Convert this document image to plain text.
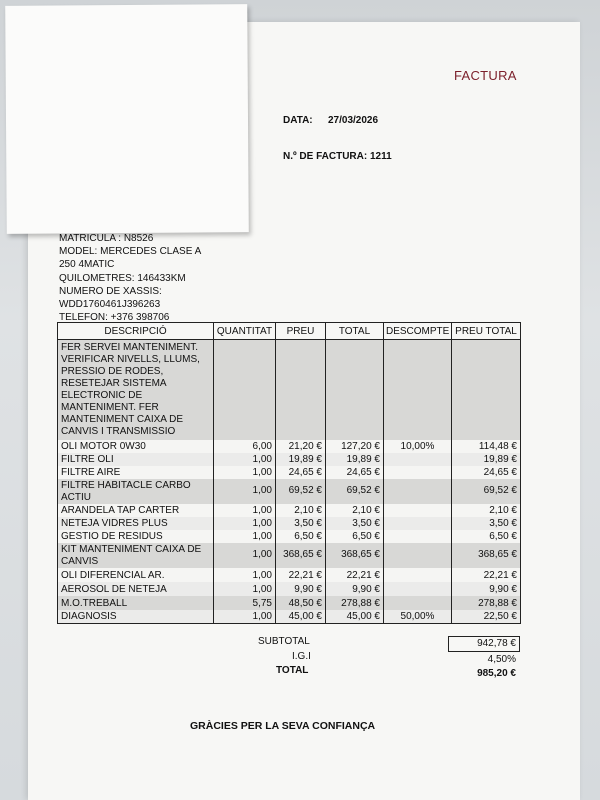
FACTURA
DATA: 27/03/2026
N.º DE FACTURA: 1211
MATRICULA : N8526
MODEL: MERCEDES CLASE A
250 4MATIC
QUILOMETRES: 146433KM
NUMERO DE XASSIS:
WDD1760461J396263
TELEFON: +376 398706
DESCRIPCIÓ	QUANTITAT	PREU	TOTAL	DESCOMPTE	PREU TOTAL
FER SERVEI MANTENIMENT. VERIFICAR NIVELLS, LLUMS, PRESSIO DE RODES, RESETEJAR SISTEMA ELECTRONIC DE MANTENIMENT. FER MANTENIMENT CAIXA DE CANVIS I TRANSMISSIO					
OLI MOTOR 0W30	6,00	21,20 €	127,20 €	10,00%	114,48 €
FILTRE OLI	1,00	19,89 €	19,89 €		19,89 €
FILTRE AIRE	1,00	24,65 €	24,65 €		24,65 €
FILTRE HABITACLE CARBO ACTIU	1,00	69,52 €	69,52 €		69,52 €
ARANDELA TAP CARTER	1,00	2,10 €	2,10 €		2,10 €
NETEJA VIDRES PLUS	1,00	3,50 €	3,50 €		3,50 €
GESTIO DE RESIDUS	1,00	6,50 €	6,50 €		6,50 €
KIT MANTENIMENT CAIXA DE CANVIS	1,00	368,65 €	368,65 €		368,65 €
OLI DIFERENCIAL AR.	1,00	22,21 €	22,21 €		22,21 €
AEROSOL DE NETEJA	1,00	9,90 €	9,90 €		9,90 €
M.O.TREBALL	5,75	48,50 €	278,88 €		278,88 €
DIAGNOSIS	1,00	45,00 €	45,00 €	50,00%	22,50 €
SUBTOTAL	942,78 €
I.G.I	4,50%
TOTAL	985,20 €
GRÀCIES PER LA SEVA CONFIANÇA
